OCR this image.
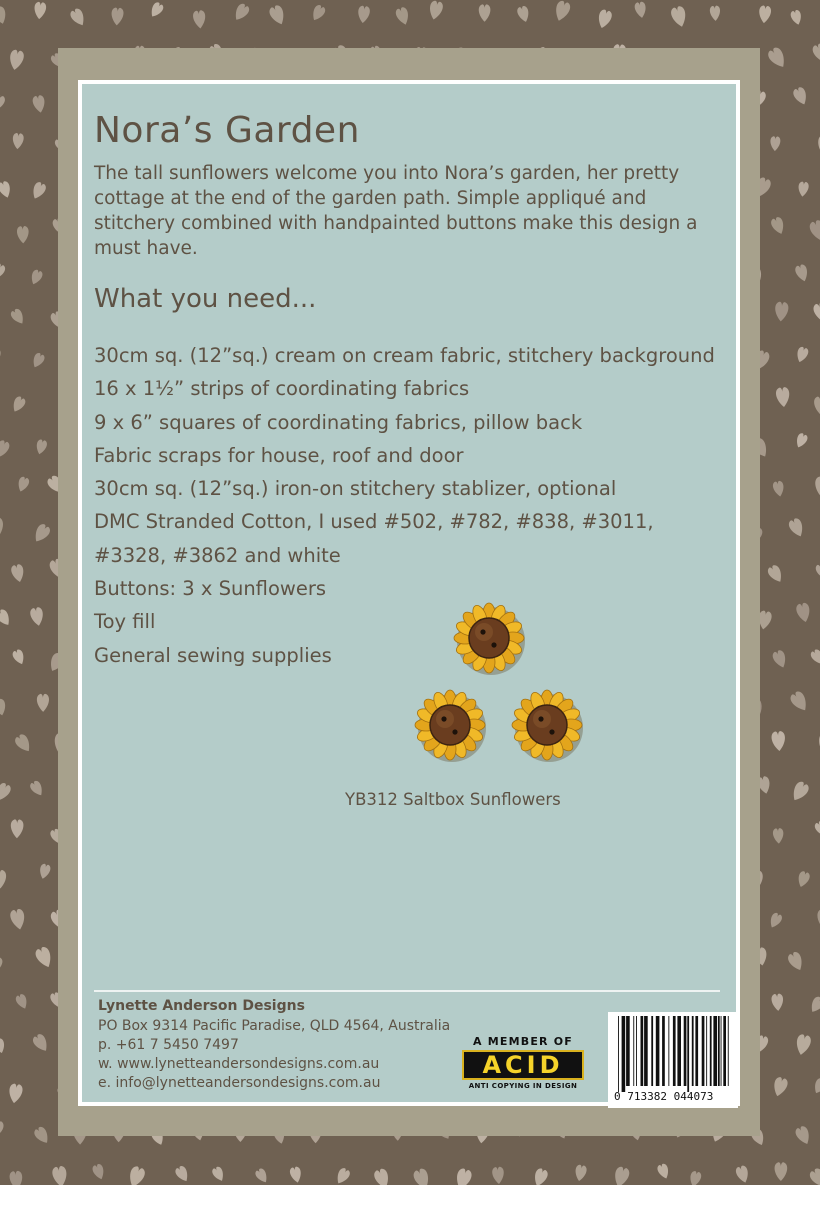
Nora’s Garden
The tall sunflowers welcome you into Nora’s garden, her pretty cottage at the end of the garden path. Simple appliqué and stitchery combined with handpainted buttons make this design a must have.
What you need...
30cm sq. (12”sq.) cream on cream fabric, stitchery background
16 x 1½” strips of coordinating fabrics
9 x 6” squares of coordinating fabrics, pillow back
Fabric scraps for house, roof and door
30cm sq. (12”sq.) iron-on stitchery stablizer, optional
DMC Stranded Cotton, I used #502, #782, #838, #3011,
#3328, #3862 and white
Buttons: 3 x Sunflowers
Toy fill
General sewing supplies
YB312 Saltbox Sunflowers
Lynette Anderson Designs
PO Box 9314 Pacific Paradise, QLD 4564, Australia
p. +61 7 5450 7497
w. www.lynetteandersondesigns.com.au
e. info@lynetteandersondesigns.com.au
A MEMBER OF
ACID
ANTI COPYING IN DESIGN
0 713382 044073
